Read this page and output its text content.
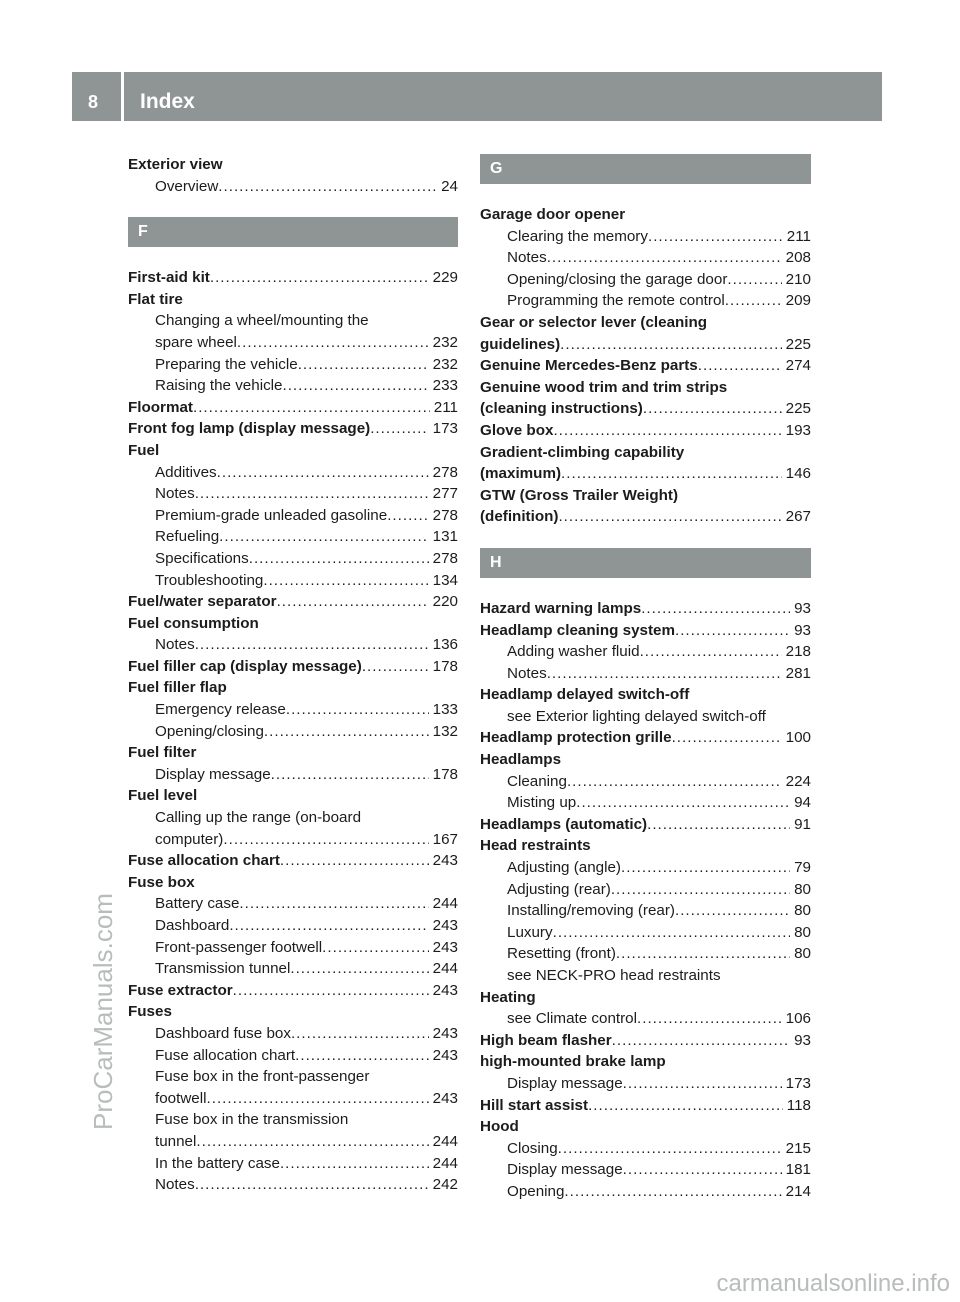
8	Index
Exterior view
Overview .....	24
F
First-aid kit .....	229
Flat tire
Changing a wheel/mounting the
spare wheel .....	232
Preparing the vehicle .....	232
Raising the vehicle .....	233
Floormat .....	211
Front fog lamp (display message) .....	173
Fuel
Additives .....	278
Notes .....	277
Premium-grade unleaded gasoline .....	278
Refueling .....	131
Specifications .....	278
Troubleshooting .....	134
Fuel/water separator .....	220
Fuel consumption
Notes .....	136
Fuel filler cap (display message) .....	178
Fuel filler flap
Emergency release .....	133
Opening/closing .....	132
Fuel filter
Display message .....	178
Fuel level
Calling up the range (on-board
computer) .....	167
Fuse allocation chart .....	243
Fuse box
Battery case .....	244
Dashboard .....	243
Front-passenger footwell .....	243
Transmission tunnel .....	244
Fuse extractor .....	243
Fuses
Dashboard fuse box .....	243
Fuse allocation chart .....	243
Fuse box in the front-passenger
footwell .....	243
Fuse box in the transmission
tunnel .....	244
In the battery case .....	244
Notes .....	242
G
Garage door opener
Clearing the memory .....	211
Notes .....	208
Opening/closing the garage door .....	210
Programming the remote control .....	209
Gear or selector lever (cleaning
guidelines) .....	225
Genuine Mercedes-Benz parts .....	274
Genuine wood trim and trim strips
(cleaning instructions) .....	225
Glove box .....	193
Gradient-climbing capability
(maximum) .....	146
GTW (Gross Trailer Weight)
(definition) .....	267
H
Hazard warning lamps .....	93
Headlamp cleaning system .....	93
Adding washer fluid .....	218
Notes .....	281
Headlamp delayed switch-off
see Exterior lighting delayed switch-off
Headlamp protection grille .....	100
Headlamps
Cleaning .....	224
Misting up .....	94
Headlamps (automatic) .....	91
Head restraints
Adjusting (angle) .....	79
Adjusting (rear) .....	80
Installing/removing (rear) .....	80
Luxury .....	80
Resetting (front) .....	80
see NECK-PRO head restraints
Heating
see Climate control .....	106
High beam flasher .....	93
high-mounted brake lamp
Display message .....	173
Hill start assist .....	118
Hood
Closing .....	215
Display message .....	181
Opening .....	214
ProCarManuals.com
carmanualsonline.info
